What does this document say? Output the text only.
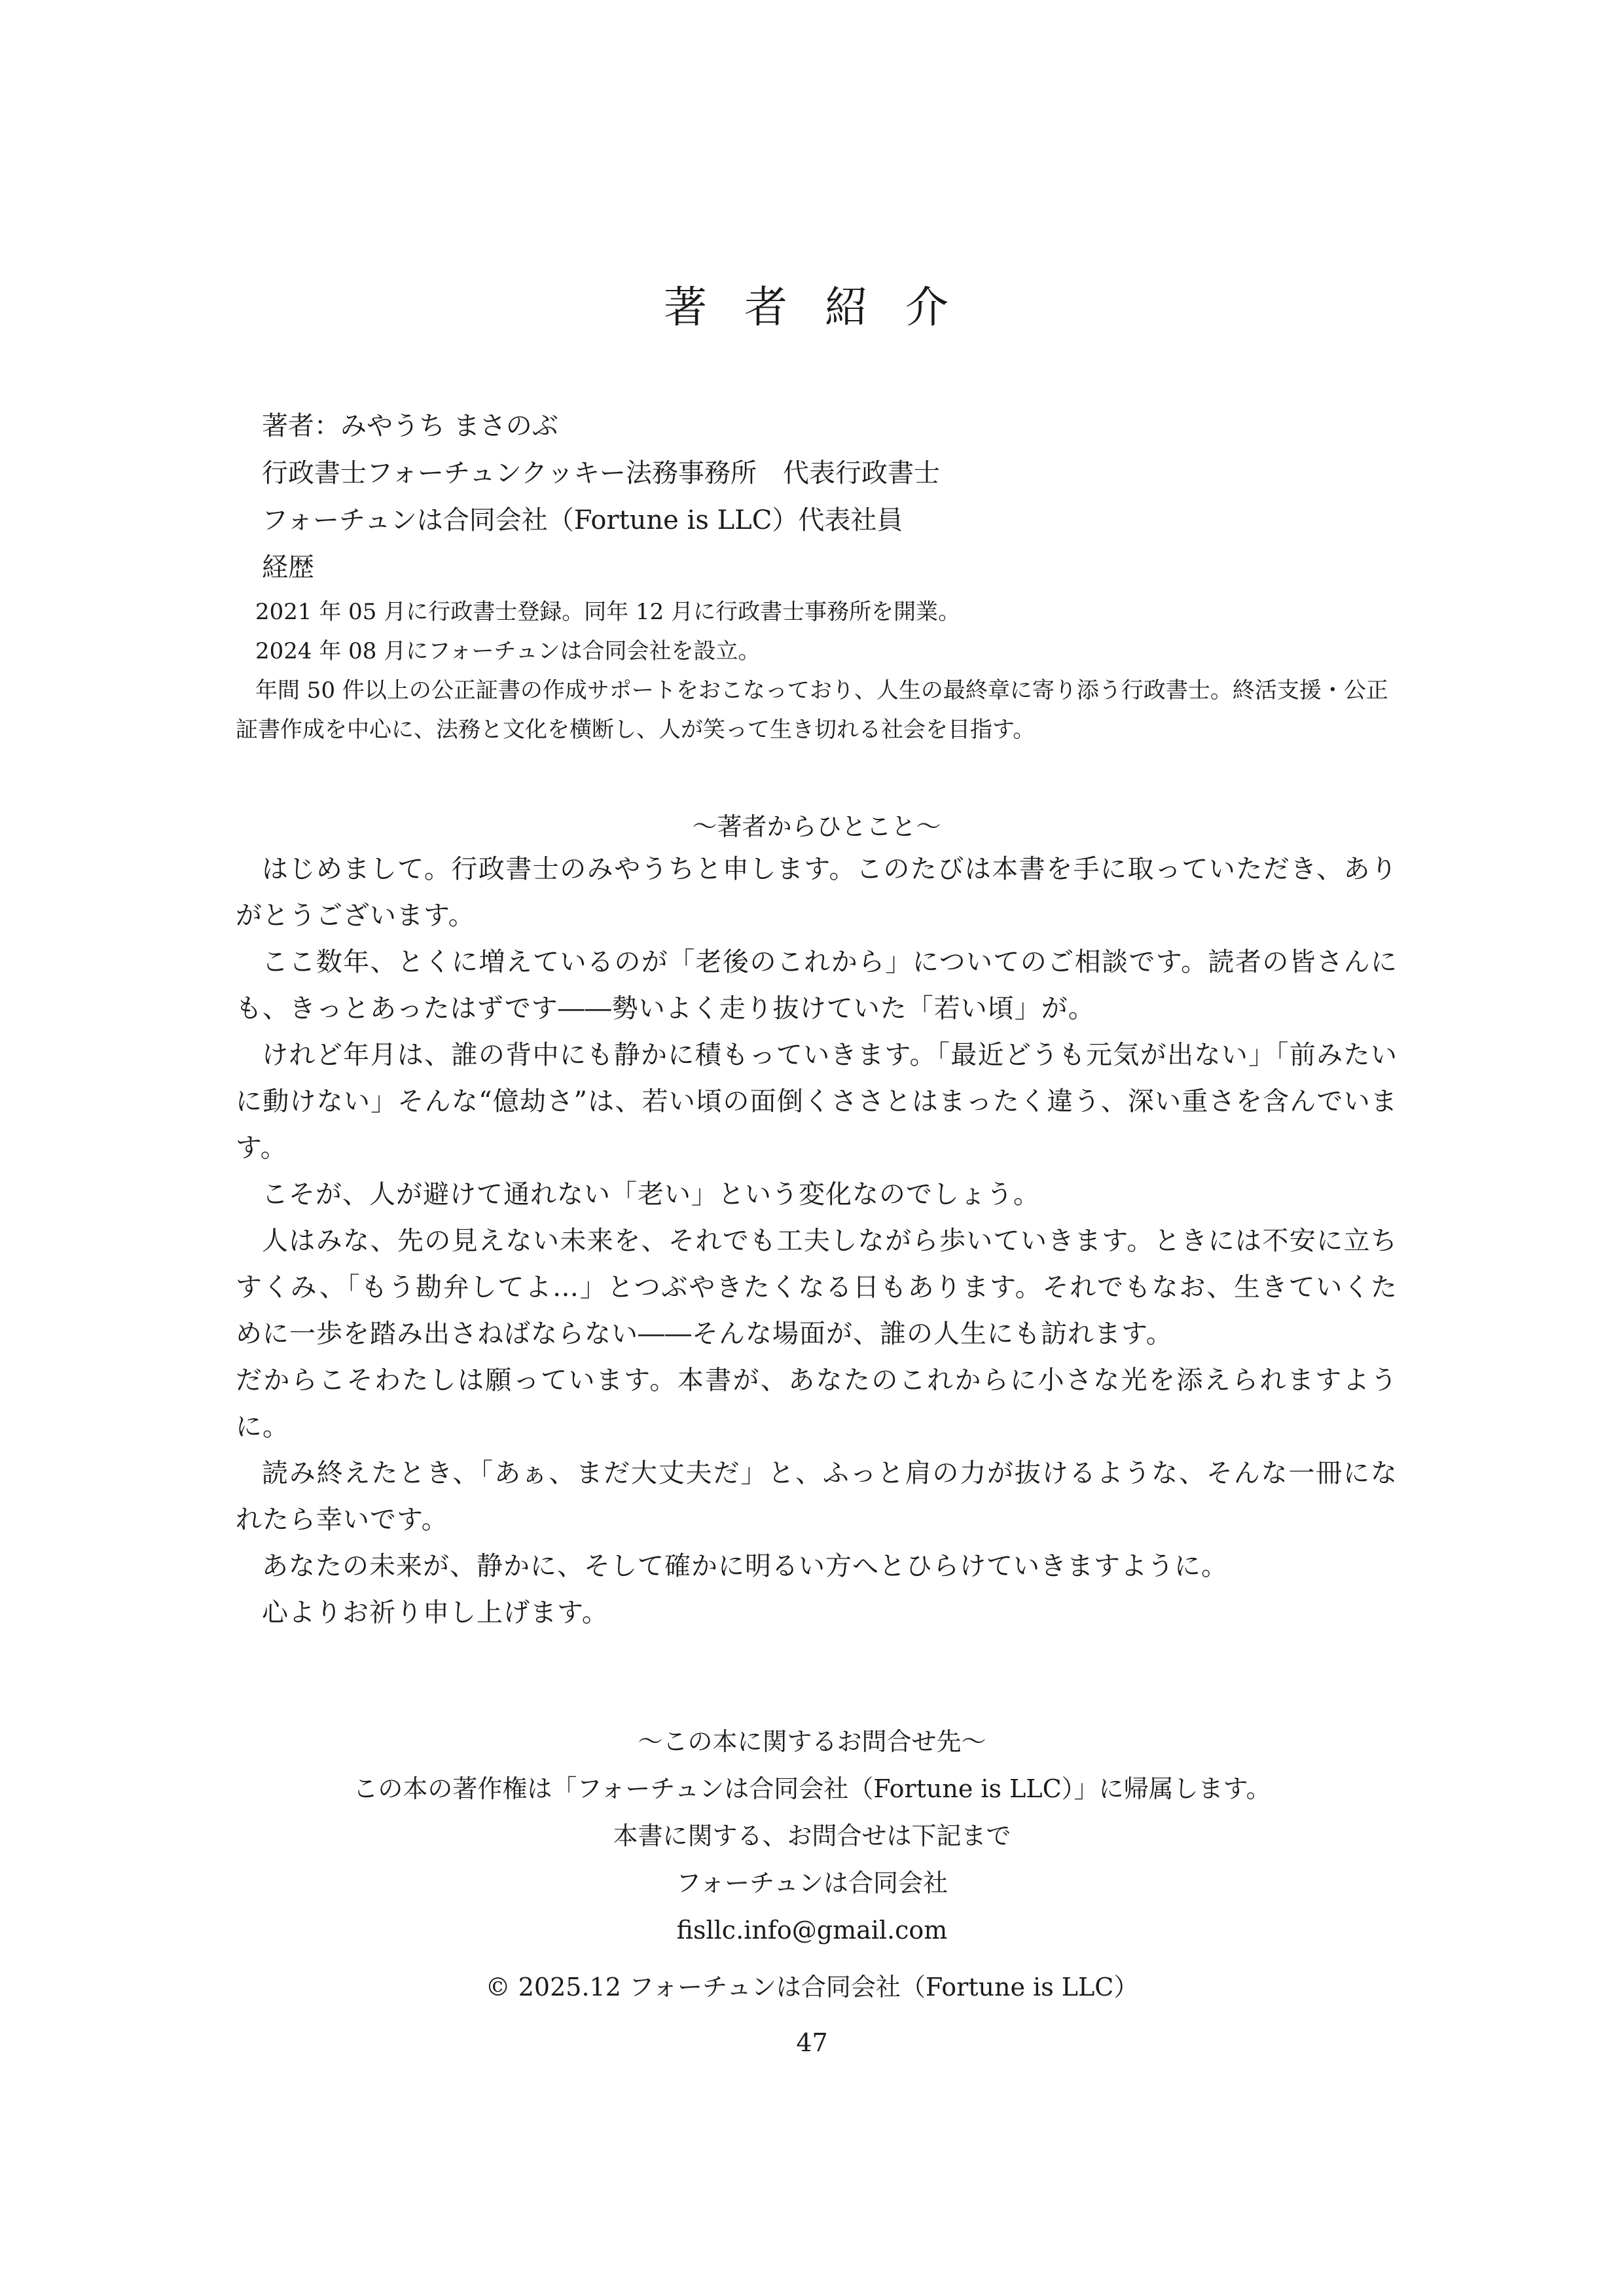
著 者 紹 介
著者：みやうち まさのぶ
行政書士フォーチュンクッキー法務事務所　代表行政書士
フォーチュンは合同会社（Fortune is LLC）代表社員
経歴
2021 年 05 月に行政書士登録。同年 12 月に行政書士事務所を開業。
2024 年 08 月にフォーチュンは合同会社を設立。
年間 50 件以上の公正証書の作成サポートをおこなっており、人生の最終章に寄り添う行政書士。終活支援・公正証書作成を中心に、法務と文化を横断し、人が笑って生き切れる社会を目指す。
〜著者からひとこと〜
はじめまして。行政書士のみやうちと申します。このたびは本書を手に取っていただき、ありがとうございます。
ここ数年、とくに増えているのが「老後のこれから」についてのご相談です。読者の皆さんにも、きっとあったはずです――勢いよく走り抜けていた「若い頃」が。
けれど年月は、誰の背中にも静かに積もっていきます。「最近どうも元気が出ない」「前みたいに動けない」そんな“億劫さ”は、若い頃の面倒くささとはまったく違う、深い重さを含んでいます。
こそが、人が避けて通れない「老い」という変化なのでしょう。
人はみな、先の見えない未来を、それでも工夫しながら歩いていきます。ときには不安に立ちすくみ、「もう勘弁してよ…」とつぶやきたくなる日もあります。それでもなお、生きていくために一歩を踏み出さねばならない――そんな場面が、誰の人生にも訪れます。
だからこそわたしは願っています。本書が、あなたのこれからに小さな光を添えられますように。
読み終えたとき、「あぁ、まだ大丈夫だ」と、ふっと肩の力が抜けるような、そんな一冊になれたら幸いです。
あなたの未来が、静かに、そして確かに明るい方へとひらけていきますように。
心よりお祈り申し上げます。
〜この本に関するお問合せ先〜
この本の著作権は「フォーチュンは合同会社（Fortune is LLC）」に帰属します。
本書に関する、お問合せは下記まで
フォーチュンは合同会社
fisllc.info@gmail.com
© 2025.12 フォーチュンは合同会社（Fortune is LLC）
47
